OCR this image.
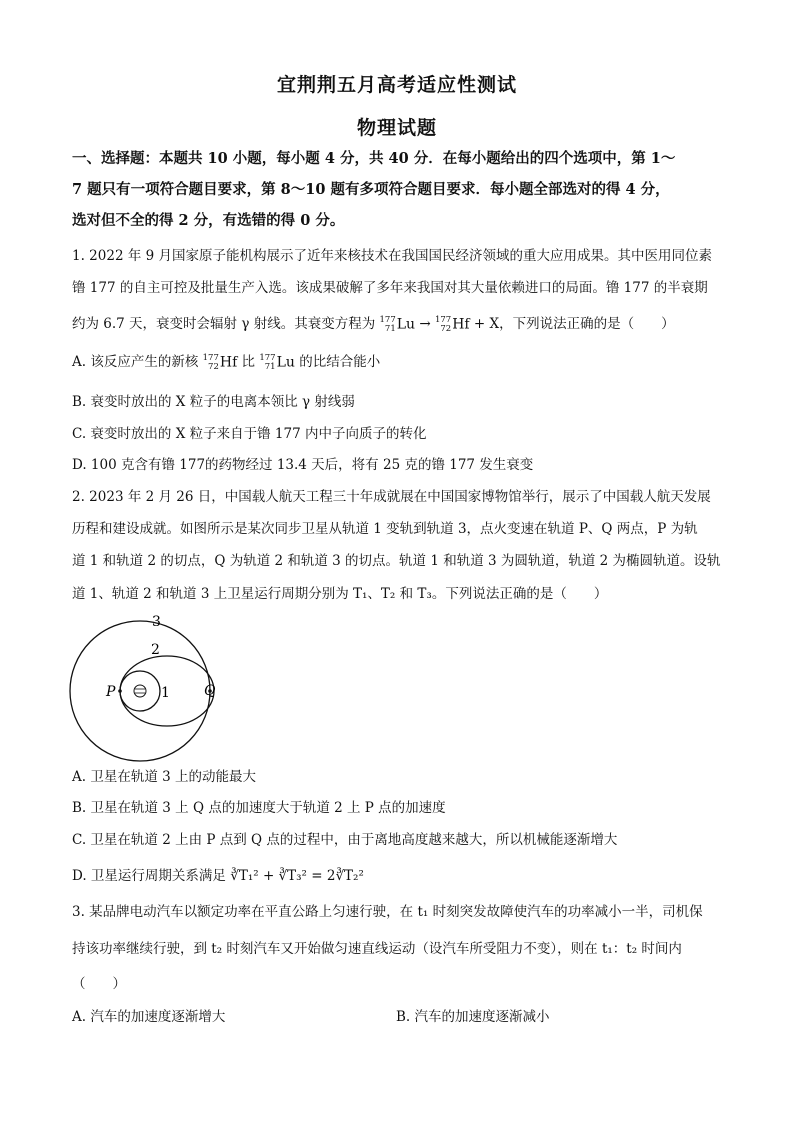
宜荆荆五月高考适应性测试
物理试题
一、选择题：本题共 10 小题，每小题 4 分，共 40 分．在每小题给出的四个选项中，第 1～
7 题只有一项符合题目要求，第 8～10 题有多项符合题目要求．每小题全部选对的得 4 分，
选对但不全的得 2 分，有选错的得 0 分。
1. 2022 年 9 月国家原子能机构展示了近年来核技术在我国国民经济领域的重大应用成果。其中医用同位素
镥 177 的自主可控及批量生产入选。该成果破解了多年来我国对其大量依赖进口的局面。镥 177 的半衰期
约为 6.7 天，衰变时会辐射 γ 射线。其衰变方程为 177
71 Lu → 177
72 Hf + X，下列说法正确的是（　　）
A. 该反应产生的新核 177
72 Hf 比 177
71 Lu 的比结合能小
B. 衰变时放出的 X 粒子的电离本领比 γ 射线弱
C. 衰变时放出的 X 粒子来自于镥 177 内中子向质子的转化
D. 100 克含有镥 177的药物经过 13.4 天后，将有 25 克的镥 177 发生衰变
2. 2023 年 2 月 26 日，中国载人航天工程三十年成就展在中国国家博物馆举行，展示了中国载人航天发展
历程和建设成就。如图所示是某次同步卫星从轨道 1 变轨到轨道 3，点火变速在轨道 P、Q 两点，P 为轨
道 1 和轨道 2 的切点，Q 为轨道 2 和轨道 3 的切点。轨道 1 和轨道 3 为圆轨道，轨道 2 为椭圆轨道。设轨
道 1、轨道 2 和轨道 3 上卫星运行周期分别为 T₁、T₂ 和 T₃。下列说法正确的是（　　）
3
2
1
P	Q
A. 卫星在轨道 3 上的动能最大
B. 卫星在轨道 3 上 Q 点的加速度大于轨道 2 上 P 点的加速度
C. 卫星在轨道 2 上由 P 点到 Q 点的过程中，由于离地高度越来越大，所以机械能逐渐增大
D. 卫星运行周期关系满足 ∛T₁² + ∛T₃² = 2∛T₂²
3. 某品牌电动汽车以额定功率在平直公路上匀速行驶，在 t₁ 时刻突发故障使汽车的功率减小一半，司机保
持该功率继续行驶，到 t₂ 时刻汽车又开始做匀速直线运动（设汽车所受阻力不变），则在 t₁：t₂ 时间内
（　　）
A. 汽车的加速度逐渐增大	B. 汽车的加速度逐渐减小
